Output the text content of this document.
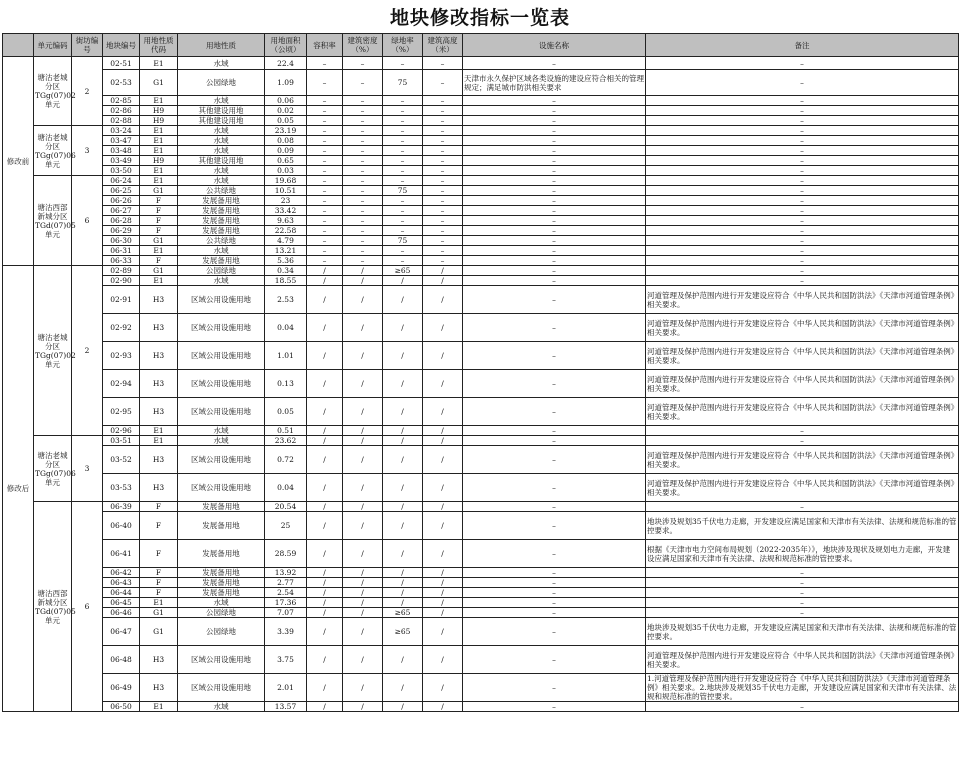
地块修改指标一览表
	单元编码	街坊编号	地块编号	用地性质代码	用地性质	用地面积（公顷）	容积率	建筑密度（%）	绿地率（%）	建筑高度（米）	设施名称	备注
修改前	塘沽老城分区TGg(07)02单元	2	02-51	E1	水域	22.4	–	–	–	–	–	–
			02-53	G1	公园绿地	1.09	–	–	75	–	天津市永久保护区域各类设施的建设应符合相关的管理规定；满足城市防洪相关要求	–
			02-85	E1	水域	0.06	–	–	–	–	–	–
			02-86	H9	其他建设用地	0.02	–	–	–	–	–	–
			02-88	H9	其他建设用地	0.05	–	–	–	–	–	–
	塘沽老城分区TGg(07)06单元	3	03-24	E1	水域	23.19	–	–	–	–	–	–
			03-47	E1	水域	0.08	–	–	–	–	–	–
			03-48	E1	水域	0.09	–	–	–	–	–	–
			03-49	H9	其他建设用地	0.65	–	–	–	–	–	–
			03-50	E1	水域	0.03	–	–	–	–	–	–
	塘沽西部新城分区TGd(07)05单元	6	06-24	E1	水域	19.68	–	–	–	–	–	–
			06-25	G1	公共绿地	10.51	–	–	75	–	–	–
			06-26	F	发展备用地	23	–	–	–	–	–	–
			06-27	F	发展备用地	33.42	–	–	–	–	–	–
			06-28	F	发展备用地	9.63	–	–	–	–	–	–
			06-29	F	发展备用地	22.58	–	–	–	–	–	–
			06-30	G1	公共绿地	4.79	–	–	75	–	–	–
			06-31	E1	水域	13.21	–	–	–	–	–	–
			06-33	F	发展备用地	5.36	–	–	–	–	–	–
修改后	塘沽老城分区TGg(07)02单元	2	02-89	G1	公园绿地	0.34	/	/	≥65	/	–	–
			02-90	E1	水域	18.55	/	/	/	/	–	–
			02-91	H3	区域公用设施用地	2.53	/	/	/	/	–	河道管理及保护范围内进行开发建设应符合《中华人民共和国防洪法》《天津市河道管理条例》相关要求。
			02-92	H3	区域公用设施用地	0.04	/	/	/	/	–	河道管理及保护范围内进行开发建设应符合《中华人民共和国防洪法》《天津市河道管理条例》相关要求。
			02-93	H3	区域公用设施用地	1.01	/	/	/	/	–	河道管理及保护范围内进行开发建设应符合《中华人民共和国防洪法》《天津市河道管理条例》相关要求。
			02-94	H3	区域公用设施用地	0.13	/	/	/	/	–	河道管理及保护范围内进行开发建设应符合《中华人民共和国防洪法》《天津市河道管理条例》相关要求。
			02-95	H3	区域公用设施用地	0.05	/	/	/	/	–	河道管理及保护范围内进行开发建设应符合《中华人民共和国防洪法》《天津市河道管理条例》相关要求。
			02-96	E1	水域	0.51	/	/	/	/	–	–
	塘沽老城分区TGg(07)06单元	3	03-51	E1	水域	23.62	/	/	/	/	–	–
			03-52	H3	区域公用设施用地	0.72	/	/	/	/	–	河道管理及保护范围内进行开发建设应符合《中华人民共和国防洪法》《天津市河道管理条例》相关要求。
			03-53	H3	区域公用设施用地	0.04	/	/	/	/	–	河道管理及保护范围内进行开发建设应符合《中华人民共和国防洪法》《天津市河道管理条例》相关要求。
	塘沽西部新城分区TGd(07)05单元	6	06-39	F	发展备用地	20.54	/	/	/	/	–	–
			06-40	F	发展备用地	25	/	/	/	/	–	地块涉及规划35千伏电力走廊，开发建设应满足国家和天津市有关法律、法规和规范标准的管控要求。
			06-41	F	发展备用地	28.59	/	/	/	/	–	根据《天津市电力空间布局规划（2022-2035年）》，地块涉及现状及规划电力走廊，开发建设应满足国家和天津市有关法律、法规和规范标准的管控要求。
			06-42	F	发展备用地	13.92	/	/	/	/	–	–
			06-43	F	发展备用地	2.77	/	/	/	/	–	–
			06-44	F	发展备用地	2.54	/	/	/	/	–	–
			06-45	E1	水域	17.36	/	/	/	/	–	–
			06-46	G1	公园绿地	7.07	/	/	≥65	/	–	–
			06-47	G1	公园绿地	3.39	/	/	≥65	/	–	地块涉及规划35千伏电力走廊，开发建设应满足国家和天津市有关法律、法规和规范标准的管控要求。
			06-48	H3	区域公用设施用地	3.75	/	/	/	/	–	河道管理及保护范围内进行开发建设应符合《中华人民共和国防洪法》《天津市河道管理条例》相关要求。
			06-49	H3	区域公用设施用地	2.01	/	/	/	/	–	1.河道管理及保护范围内进行开发建设应符合《中华人民共和国防洪法》《天津市河道管理条例》相关要求。2.地块涉及规划35千伏电力走廊，开发建设应满足国家和天津市有关法律、法规和规范标准的管控要求。
			06-50	E1	水域	13.57	/	/	/	/	–	–
